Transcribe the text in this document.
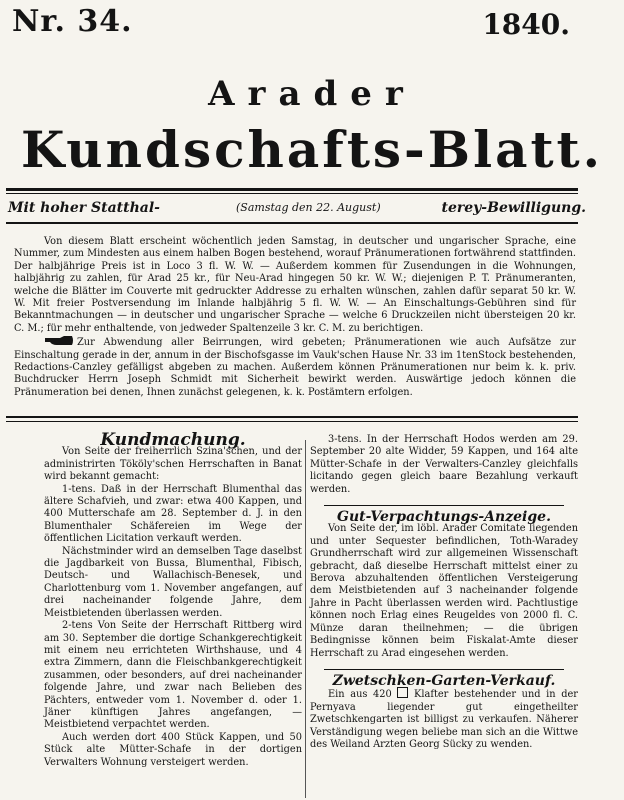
Nr. 34.	1840.
Arader
Kundschafts-Blatt.
Mit hoher Statthal-	(Samstag den 22. August)	terey-Bewilligung.

Von diesem Blatt erscheint wöchentlich jeden Samstag, in deutscher und ungarischer Sprache, eine Nummer, zum Mindesten aus einem halben Bogen bestehend, worauf Pränumerationen fortwährend stattfinden. Der halbjährige Preis ist in Loco 3 fl. W. W. — Außerdem kommen für Zusendungen in die Wohnungen, halbjährig zu zahlen, für Arad 25 kr., für Neu-Arad hingegen 50 kr. W. W.; diejenigen P. T. Pränumeranten, welche die Blätter im Couverte mit gedruckter Addresse zu erhalten wünschen, zahlen dafür separat 50 kr. W. W. Mit freier Postversendung im Inlande halbjährig 5 fl. W. W. — An Einschaltungs-Gebühren sind für Bekanntmachungen — in deutscher und ungarischer Sprache — welche 6 Druckzeilen nicht übersteigen 20 kr. C. M.; für mehr enthaltende, von jedweder Spaltenzeile 3 kr. C. M. zu berichtigen.

Zur Abwendung aller Beirrungen, wird gebeten; Pränumerationen wie auch Aufsätze zur Einschaltung gerade in der, annum in der Bischofsgasse im Vauk'schen Hause Nr. 33 im 1tenStock bestehenden, Redactions-Canzley gefälligst abgeben zu machen. Außerdem können Pränumerationen nur beim k. k. priv. Buchdrucker Herrn Joseph Schmidt mit Sicherheit bewirkt werden. Auswärtige jedoch können die Pränumeration bei denen, Ihnen zunächst gelegenen, k. k. Postämtern erfolgen.

Kundmachung.

Von Seite der freiherrlich Szina'schen, und der administrirten Tököly'schen Herrschaften in Banat wird bekannt gemacht:

1-tens. Daß in der Herrschaft Blumenthal das ältere Schafvieh, und zwar: etwa 400 Kappen, und 400 Mutterschafe am 28. September d. J. in den Blumenthaler Schäfereien im Wege der öffentlichen Licitation verkauft werden.

Nächstminder wird an demselben Tage daselbst die Jagdbarkeit von Bussa, Blumenthal, Fibisch, Deutsch- und Wallachisch-Benesek, und Charlottenburg vom 1. November angefangen, auf drei nacheinander folgende Jahre, dem Meistbietenden überlassen werden.

2-tens Von Seite der Herrschaft Rittberg wird am 30. September die dortige Schankgerechtigkeit mit einem neu errichteten Wirthshause, und 4 extra Zimmern, dann die Fleischbankgerechtigkeit zusammen, oder besonders, auf drei nacheinander folgende Jahre, und zwar nach Belieben des Pächters, entweder vom 1. November d. oder 1. Jäner künftigen Jahres angefangen, — Meistbietend verpachtet werden.

Auch werden dort 400 Stück Kappen, und 50 Stück alte Mütter-Schafe in der dortigen Verwalters Wohnung versteigert werden.

3-tens. In der Herrschaft Hodos werden am 29. September 20 alte Widder, 59 Kappen, und 164 alte Mütter-Schafe in der Verwalters-Canzley gleichfalls licitando gegen gleich baare Bezahlung verkauft werden.

Gut-Verpachtungs-Anzeige.

Von Seite der, im löbl. Arader Comitate liegenden und unter Sequester befindlichen, Toth-Waradey Grundherrschaft wird zur allgemeinen Wissenschaft gebracht, daß dieselbe Herrschaft mittelst einer zu Berova abzuhaltenden öffentlichen Versteigerung dem Meistbietenden auf 3 nacheinander folgende Jahre in Pacht überlassen werden wird. Pachtlustige können noch Erlag eines Reugeldes von 2000 fl. C. Münze daran theilnehmen; — die übrigen Bedingnisse können beim Fiskalat-Amte dieser Herrschaft zu Arad eingesehen werden.

Zwetschken-Garten-Verkauf.

Ein aus 420 Klafter bestehender und in der Pernyava liegender gut eingetheilter Zwetschkengarten ist billigst zu verkaufen. Näherer Verständigung wegen beliebe man sich an die Wittwe des Weiland Arzten Georg Sücky zu wenden.
